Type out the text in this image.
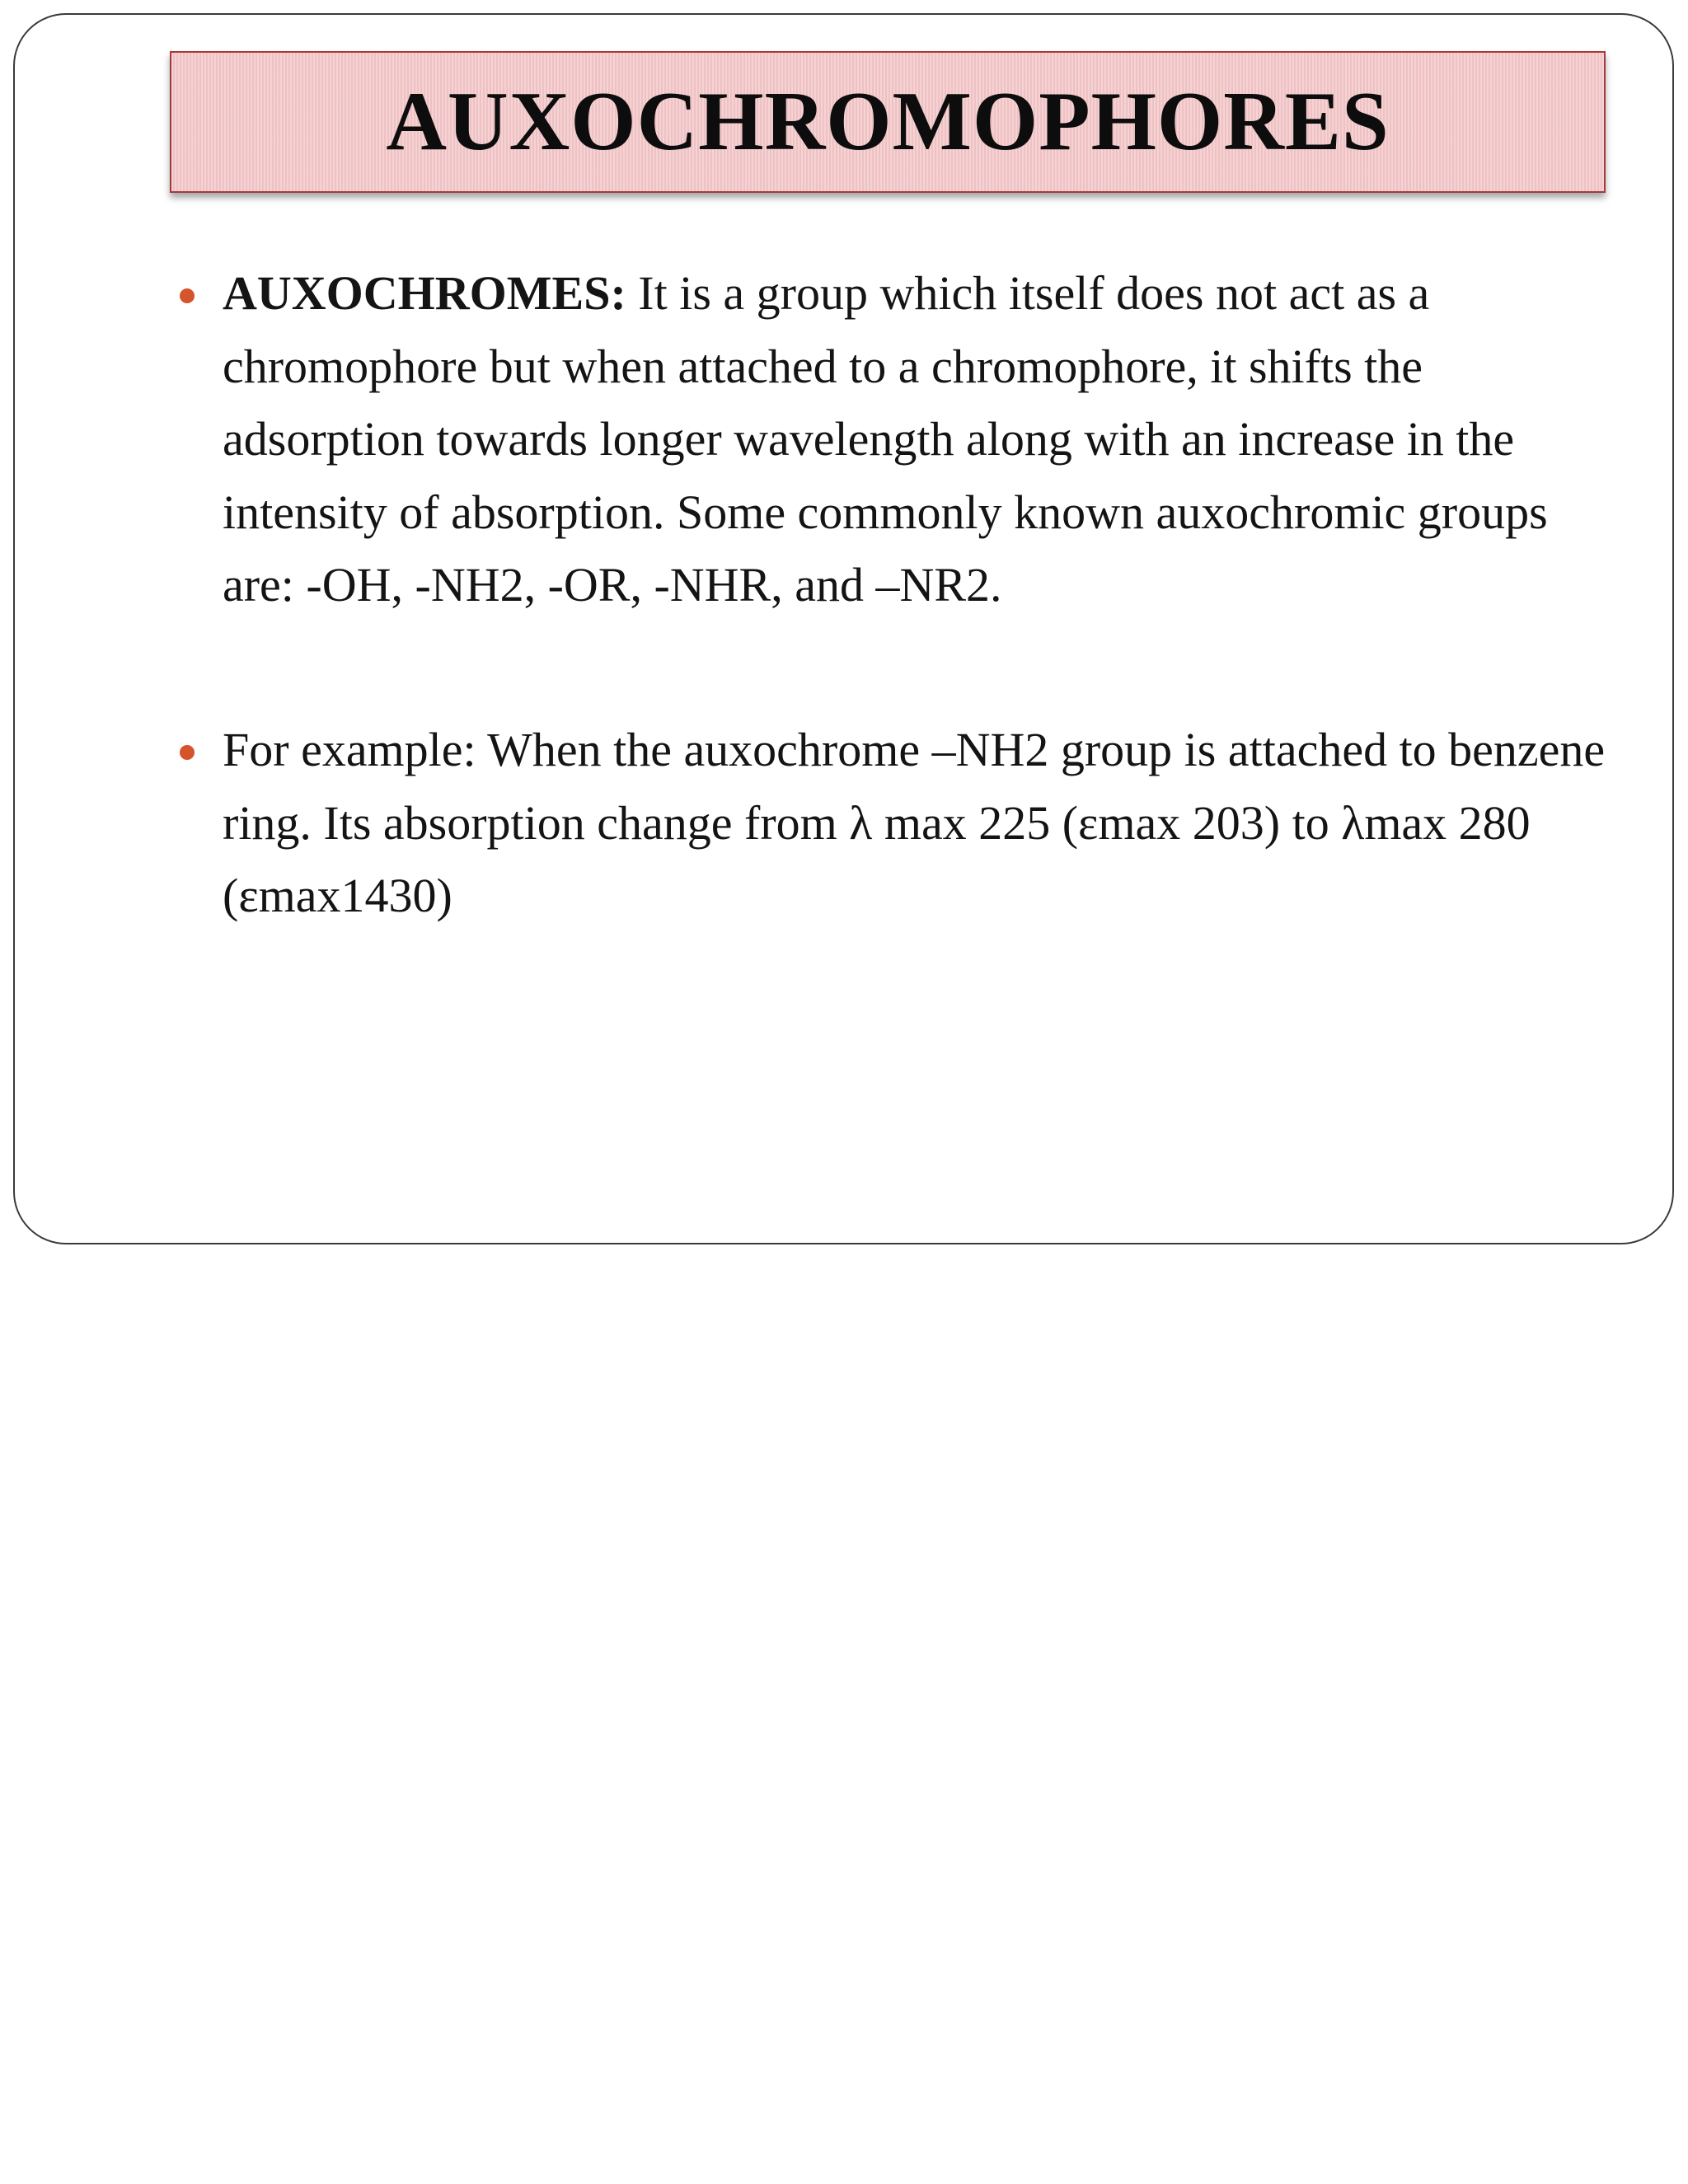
AUXOCHROMOPHORES
AUXOCHROMES: It is a group which itself does not act as a chromophore but when attached to a chromophore, it shifts the adsorption towards longer wavelength along with an increase in the intensity of absorption. Some commonly known auxochromic groups are: -OH, -NH2, -OR, -NHR, and –NR2.
For example: When the auxochrome –NH2 group is attached to benzene ring. Its absorption change from λ max 225 (εmax 203) to λmax 280 (εmax1430)
